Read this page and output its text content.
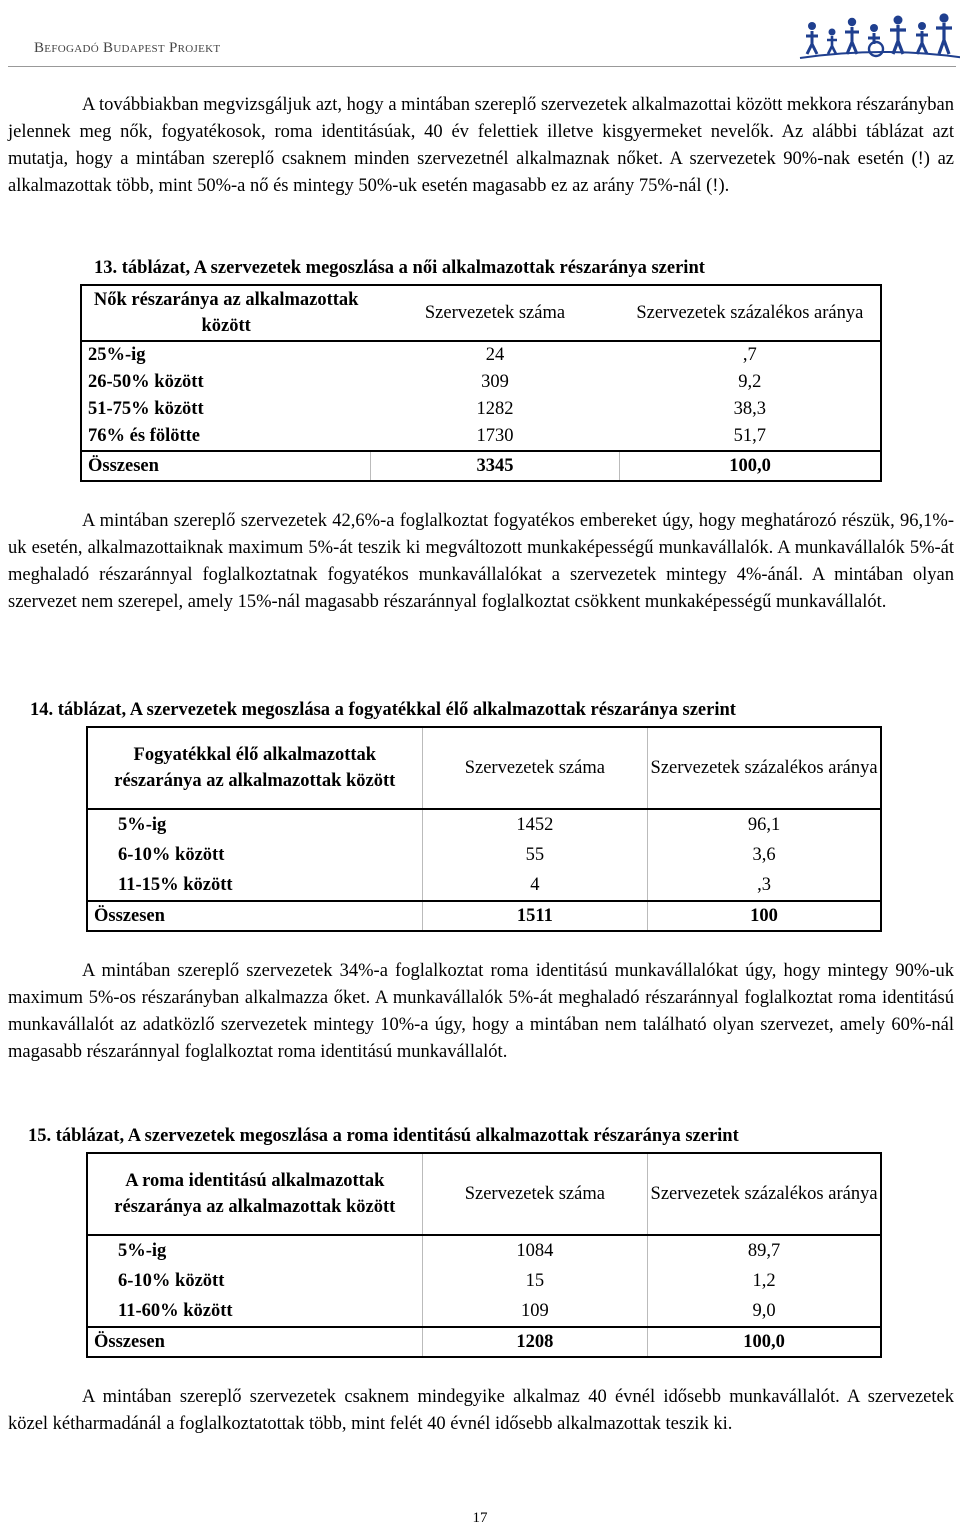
Befogadó Budapest Projekt

A továbbiakban megvizsgáljuk azt, hogy a mintában szereplő szervezetek alkalmazottai között mekkora részarányban jelennek meg nők, fogyatékosok, roma identitásúak, 40 év felettiek illetve kisgyermeket nevelők. Az alábbi táblázat azt mutatja, hogy a mintában szereplő csaknem minden szervezetnél alkalmaznak nőket. A szervezetek 90%-nak esetén (!) az alkalmazottak több, mint 50%-a nő és mintegy 50%-uk esetén magasabb ez az arány 75%-nál (!).

13. táblázat, A szervezetek megoszlása a női alkalmazottak részaránya szerint
Nők részaránya az alkalmazottak között	Szervezetek száma	Szervezetek százalékos aránya
25%-ig	24	,7
26-50% között	309	9,2
51-75% között	1282	38,3
76% és fölötte	1730	51,7
Összesen	3345	100,0

A mintában szereplő szervezetek 42,6%-a foglalkoztat fogyatékos embereket úgy, hogy meghatározó részük, 96,1%-uk esetén, alkalmazottaiknak maximum 5%-át teszik ki megváltozott munkaképességű munkavállalók. A munkavállalók 5%-át meghaladó részaránnyal foglalkoztatnak fogyatékos munkavállalókat a szervezetek mintegy 4%-ánál. A mintában olyan szervezet nem szerepel, amely 15%-nál magasabb részaránnyal foglalkoztat csökkent munkaképességű munkavállalót.

14. táblázat, A szervezetek megoszlása a fogyatékkal élő alkalmazottak részaránya szerint
Fogyatékkal élő alkalmazottak részaránya az alkalmazottak között	Szervezetek száma	Szervezetek százalékos aránya
5%-ig	1452	96,1
6-10% között	55	3,6
11-15% között	4	,3
Összesen	1511	100

A mintában szereplő szervezetek 34%-a foglalkoztat roma identitású munkavállalókat úgy, hogy mintegy 90%-uk maximum 5%-os részarányban alkalmazza őket. A munkavállalók 5%-át meghaladó részaránnyal foglalkoztat roma identitású munkavállalót az adatközlő szervezetek mintegy 10%-a úgy, hogy a mintában nem található olyan szervezet, amely 60%-nál magasabb részaránnyal foglalkoztat roma identitású munkavállalót.

15. táblázat, A szervezetek megoszlása a roma identitású alkalmazottak részaránya szerint
A roma identitású alkalmazottak részaránya az alkalmazottak között	Szervezetek száma	Szervezetek százalékos aránya
5%-ig	1084	89,7
6-10% között	15	1,2
11-60% között	109	9,0
Összesen	1208	100,0

A mintában szereplő szervezetek csaknem mindegyike alkalmaz 40 évnél idősebb munkavállalót. A szervezetek közel kétharmadánál a foglalkoztatottak több, mint felét 40 évnél idősebb alkalmazottak teszik ki.

17
